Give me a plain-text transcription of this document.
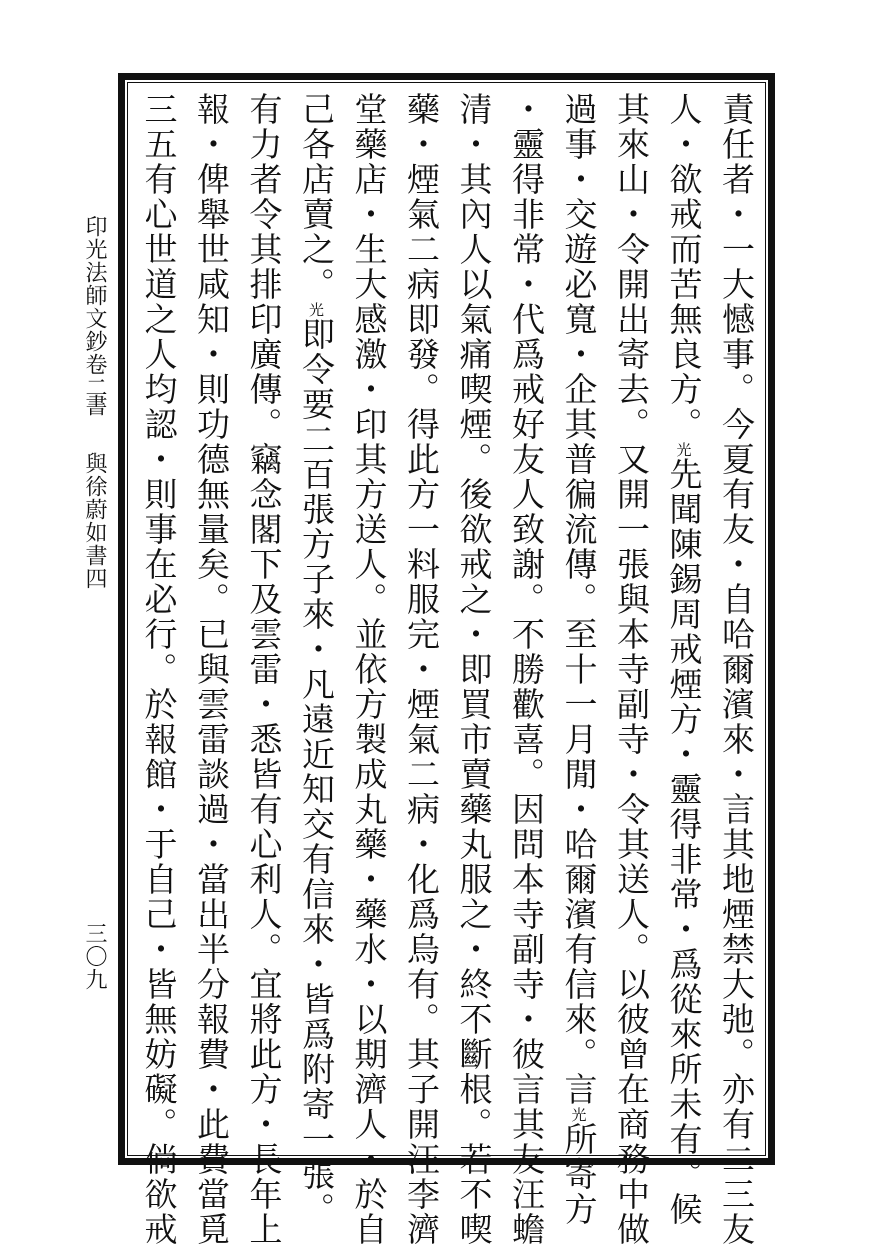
印光法師文鈔卷二
書
與徐蔚如書四
三〇九	責任者・一大憾事。今夏有友・自哈爾濱來・言其地煙禁大弛。亦有二三友
人・欲戒而苦無良方。$^光$先聞陳錫周戒煙方・靈得非常・爲從來所未有。候
其來山・令開出寄去。又開一張與本寺副寺・令其送人。以彼曾在商務中做
過事・交遊必寬・企其普徧流傳。至十一月閒・哈爾濱有信來。言$^光$所寄方
・靈得非常・代爲戒好友人致謝。不勝歡喜。因問本寺副寺・彼言其友汪蟾
清・其內人以氣痛喫煙。後欲戒之・即買市賣藥丸服之・終不斷根。若不喫
藥・煙氣二病即發。得此方一料服完・煙氣二病・化爲烏有。其子開汪李濟
堂藥店・生大感激・印其方送人。並依方製成丸藥・藥水・以期濟人・於自
己各店賣之。$^光$即令要二百張方子來・凡遠近知交有信來・皆爲附寄一張。
有力者令其排印廣傳。竊念閣下及雲雷・悉皆有心利人。宜將此方・長年上
報・俾舉世咸知・則功德無量矣。已與雲雷談過・當出半分報費・此費當覓
三五有心世道之人均認・則事在必行。於報館・于自己・皆無妨礙。倘欲戒
